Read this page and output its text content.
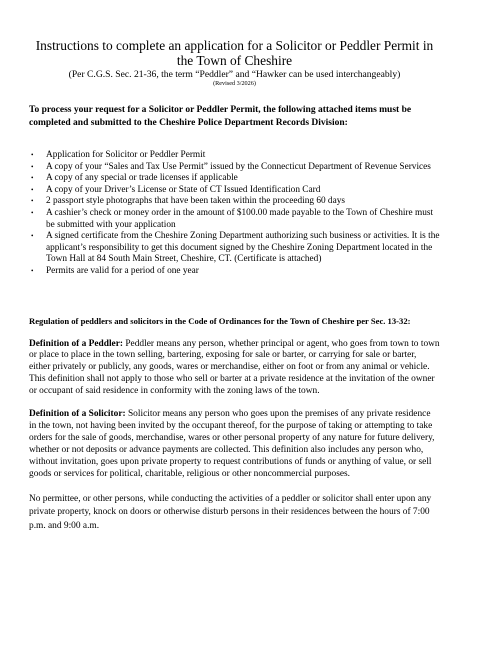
Instructions to complete an application for a Solicitor or Peddler Permit in the Town of Cheshire
(Per C.G.S. Sec. 21-36, the term “Peddler” and “Hawker can be used interchangeably)
(Revised 3/2026)
To process your request for a Solicitor or Peddler Permit, the following attached items must be completed and submitted to the Cheshire Police Department Records Division:
• Application for Solicitor or Peddler Permit
• A copy of your “Sales and Tax Use Permit” issued by the Connecticut Department of Revenue Services
• A copy of any special or trade licenses if applicable
• A copy of your Driver’s License or State of CT Issued Identification Card
• 2 passport style photographs that have been taken within the proceeding 60 days
• A cashier’s check or money order in the amount of $100.00 made payable to the Town of Cheshire must be submitted with your application
• A signed certificate from the Cheshire Zoning Department authorizing such business or activities. It is the applicant’s responsibility to get this document signed by the Cheshire Zoning Department located in the Town Hall at 84 South Main Street, Cheshire, CT. (Certificate is attached)
• Permits are valid for a period of one year
Regulation of peddlers and solicitors in the Code of Ordinances for the Town of Cheshire per Sec. 13-32:
Definition of a Peddler: Peddler means any person, whether principal or agent, who goes from town to town or place to place in the town selling, bartering, exposing for sale or barter, or carrying for sale or barter, either privately or publicly, any goods, wares or merchandise, either on foot or from any animal or vehicle. This definition shall not apply to those who sell or barter at a private residence at the invitation of the owner or occupant of said residence in conformity with the zoning laws of the town.
Definition of a Solicitor: Solicitor means any person who goes upon the premises of any private residence in the town, not having been invited by the occupant thereof, for the purpose of taking or attempting to take orders for the sale of goods, merchandise, wares or other personal property of any nature for future delivery, whether or not deposits or advance payments are collected. This definition also includes any person who, without invitation, goes upon private property to request contributions of funds or anything of value, or sell goods or services for political, charitable, religious or other noncommercial purposes.
No permittee, or other persons, while conducting the activities of a peddler or solicitor shall enter upon any private property, knock on doors or otherwise disturb persons in their residences between the hours of 7:00 p.m. and 9:00 a.m.
